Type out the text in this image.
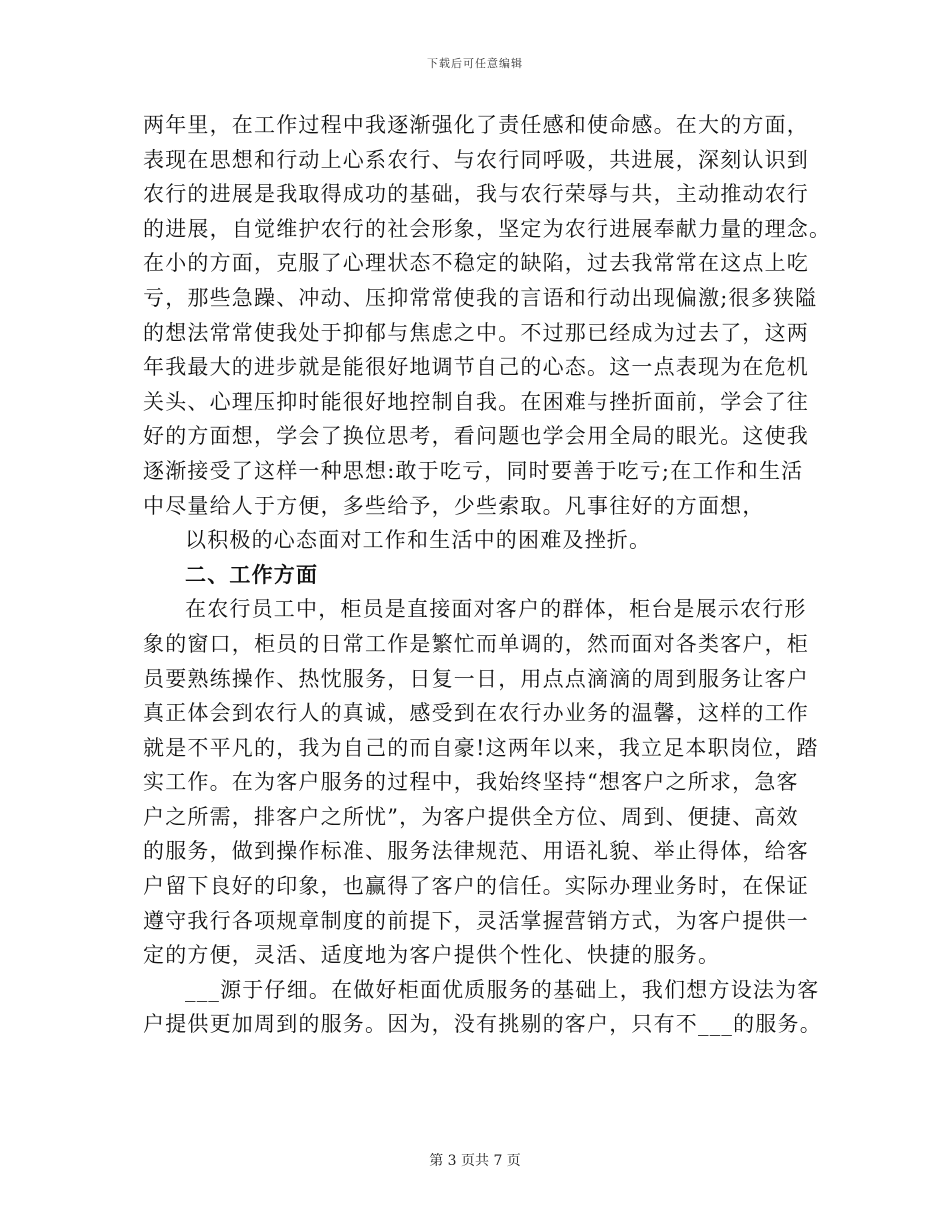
下载后可任意编辑
两年里，在工作过程中我逐渐强化了责任感和使命感。在大的方面，
表现在思想和行动上心系农行、与农行同呼吸，共进展，深刻认识到
农行的进展是我取得成功的基础，我与农行荣辱与共，主动推动农行
的进展，自觉维护农行的社会形象，坚定为农行进展奉献力量的理念。
在小的方面，克服了心理状态不稳定的缺陷，过去我常常在这点上吃
亏，那些急躁、冲动、压抑常常使我的言语和行动出现偏激;很多狭隘
的想法常常使我处于抑郁与焦虑之中。不过那已经成为过去了，这两
年我最大的进步就是能很好地调节自己的心态。这一点表现为在危机
关头、心理压抑时能很好地控制自我。在困难与挫折面前，学会了往
好的方面想，学会了换位思考，看问题也学会用全局的眼光。这使我
逐渐接受了这样一种思想:敢于吃亏，同时要善于吃亏;在工作和生活
中尽量给人于方便，多些给予，少些索取。凡事往好的方面想，
以积极的心态面对工作和生活中的困难及挫折。
二、工作方面
在农行员工中，柜员是直接面对客户的群体，柜台是展示农行形
象的窗口，柜员的日常工作是繁忙而单调的，然而面对各类客户，柜
员要熟练操作、热忱服务，日复一日，用点点滴滴的周到服务让客户
真正体会到农行人的真诚，感受到在农行办业务的温馨，这样的工作
就是不平凡的，我为自己的而自豪!这两年以来，我立足本职岗位，踏
实工作。在为客户服务的过程中，我始终坚持“想客户之所求，急客
户之所需，排客户之所忧”，为客户提供全方位、周到、便捷、高效
的服务，做到操作标准、服务法律规范、用语礼貌、举止得体，给客
户留下良好的印象，也赢得了客户的信任。实际办理业务时，在保证
遵守我行各项规章制度的前提下，灵活掌握营销方式，为客户提供一
定的方便，灵活、适度地为客户提供个性化、快捷的服务。
___源于仔细。在做好柜面优质服务的基础上，我们想方设法为客
户提供更加周到的服务。因为，没有挑剔的客户，只有不___的服务。
第 3 页共 7 页
